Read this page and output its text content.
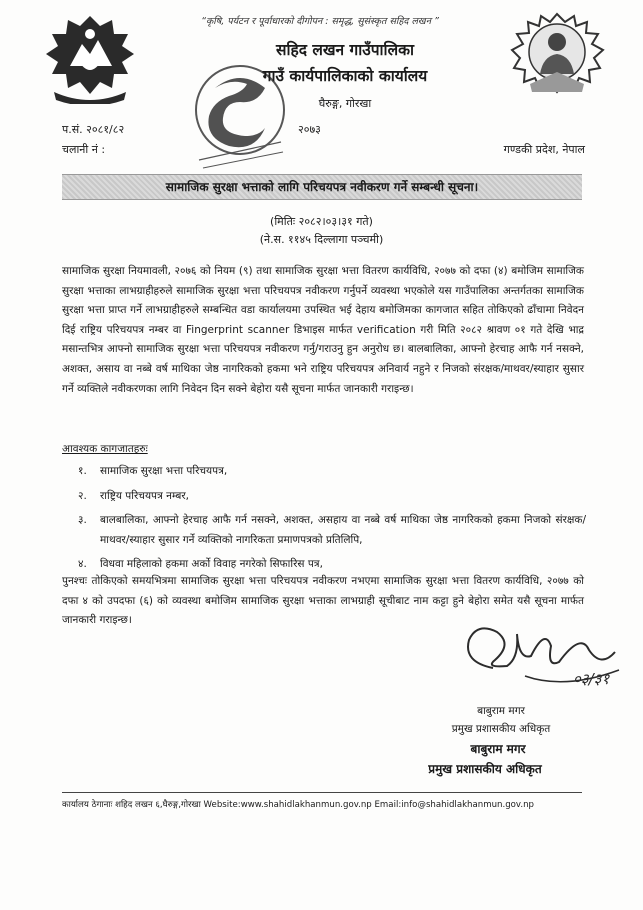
“कृषि, पर्यटन र पूर्वाधारको दीगोपन : समृद्ध, सुसंस्कृत सहिद लखन ”
सहिद लखन गाउँपालिका
गाउँ कार्यपालिकाको कार्यालय
घैरुङ्ग, गोरखा
प.सं. २०८१/८२	२०७३
चलानी नं :	गण्डकी प्रदेश, नेपाल
सामाजिक सुरक्षा भत्ताको लागि परिचयपत्र नवीकरण गर्ने सम्बन्धी सूचना।
(मितिः २०८२।०३।३१ गते)
(ने.स. ११४५ दिल्लागा पञ्चमी)

सामाजिक सुरक्षा नियमावली, २०७६ को नियम (९) तथा सामाजिक सुरक्षा भत्ता वितरण कार्यविधि, २०७७ को दफा (४) बमोजिम सामाजिक सुरक्षा भत्ताका लाभग्राहीहरुले सामाजिक सुरक्षा भत्ता परिचयपत्र नवीकरण गर्नुपर्ने व्यवस्था भएकोले यस गाउँपालिका अन्तर्गतका सामाजिक सुरक्षा भत्ता प्राप्त गर्ने लाभग्राहीहरुले सम्बन्धित वडा कार्यालयमा उपस्थित भई देहाय बमोजिमका कागजात सहित तोकिएको ढाँचामा निवेदन दिई राष्ट्रिय परिचयपत्र नम्बर वा Fingerprint scanner डिभाइस मार्फत verification गरी मिति २०८२ श्रावण ०१ गते देखि भाद्र मसान्तभित्र आफ्नो सामाजिक सुरक्षा भत्ता परिचयपत्र नवीकरण गर्नु/गराउनु हुन अनुरोध छ। बालबालिका, आफ्नो हेरचाह आफै गर्न नसक्ने, अशक्त, असाय वा नब्बे वर्ष माथिका जेष्ठ नागरिकको हकमा भने राष्ट्रिय परिचयपत्र अनिवार्य नहुने र निजको संरक्षक/माथवर/स्याहार सुसार गर्ने व्यक्तिले नवीकरणका लागि निवेदन दिन सक्ने बेहोरा यसै सूचना मार्फत जानकारी गराइन्छ।

आवश्यक कागजातहरुः
१.	सामाजिक सुरक्षा भत्ता परिचयपत्र,
२.	राष्ट्रिय परिचयपत्र नम्बर,
३.	बालबालिका, आफ्नो हेरचाह आफै गर्न नसक्ने, अशक्त, असहाय वा नब्बे वर्ष माथिका जेष्ठ नागरिकको हकमा निजको संरक्षक/माथवर/स्याहार सुसार गर्ने व्यक्तिको नागरिकता प्रमाणपत्रको प्रतिलिपि,
४.	विधवा महिलाको हकमा अर्को विवाह नगरेको सिफारिस पत्र,

पुनश्चः तोकिएको समयभित्रमा सामाजिक सुरक्षा भत्ता परिचयपत्र नवीकरण नभएमा सामाजिक सुरक्षा भत्ता वितरण कार्यविधि, २०७७ को दफा ४ को उपदफा (६) को व्यवस्था बमोजिम सामाजिक सुरक्षा भत्ताका लाभग्राही सूचीबाट नाम कट्टा हुने बेहोरा समेत यसै सूचना मार्फत जानकारी गराइन्छ।

०३/३१
बाबुराम मगर
प्रमुख प्रशासकीय अधिकृत
बाबुराम मगर
प्रमुख प्रशासकीय अधिकृत
कार्यालय ठेगानाः शहिद लखन ६,घैरुङ्ग,गोरखा Website:www.shahidlakhanmun.gov.np Email:info@shahidlakhanmun.gov.np
